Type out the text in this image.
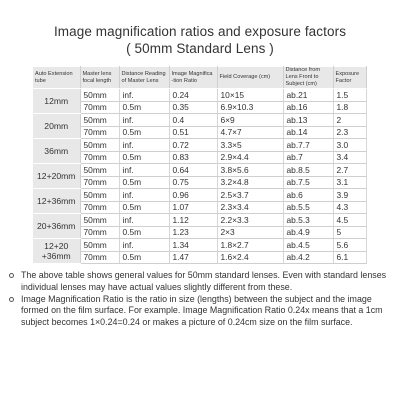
Image magnification ratios and exposure factors
( 50mm Standard Lens )
Auto Extension tube	Master lens focal length	Distance Reading of Master Lens	Image Magnifica -tion Ratio	Field Coverage (cm)	Distance from Lens Front to Subject (cm)	Exposure Factor
12mm	50mm	inf.	0.24	10×15	ab.21	1.5
	70mm	0.5m	0.35	6.9×10.3	ab.16	1.8
20mm	50mm	inf.	0.4	6×9	ab.13	2
	70mm	0.5m	0.51	4.7×7	ab.14	2.3
36mm	50mm	inf.	0.72	3.3×5	ab.7.7	3.0
	70mm	0.5m	0.83	2.9×4.4	ab.7	3.4
12+20mm	50mm	inf.	0.64	3.8×5.6	ab.8.5	2.7
	70mm	0.5m	0.75	3.2×4.8	ab.7.5	3.1
12+36mm	50mm	inf.	0.96	2.5×3.7	ab.6	3.9
	70mm	0.5m	1.07	2.3×3.4	ab.5.5	4.3
20+36mm	50mm	inf.	1.12	2.2×3.3	ab.5.3	4.5
	70mm	0.5m	1.23	2×3	ab.4.9	5
12+20
+36mm	50mm	inf.	1.34	1.8×2.7	ab.4.5	5.6
	70mm	0.5m	1.47	1.6×2.4	ab.4.2	6.1
The above table shows general values for 50mm standard lenses. Even with standard lenses individual lenses may have actual values slightly different from these.
Image Magnification Ratio is the ratio in size (lengths) between the subject and the image formed on the film surface. For example. Image Magnification Ratio 0.24x means that a 1cm subject becomes 1×0.24=0.24 or makes a picture of 0.24cm size on the film surface.
